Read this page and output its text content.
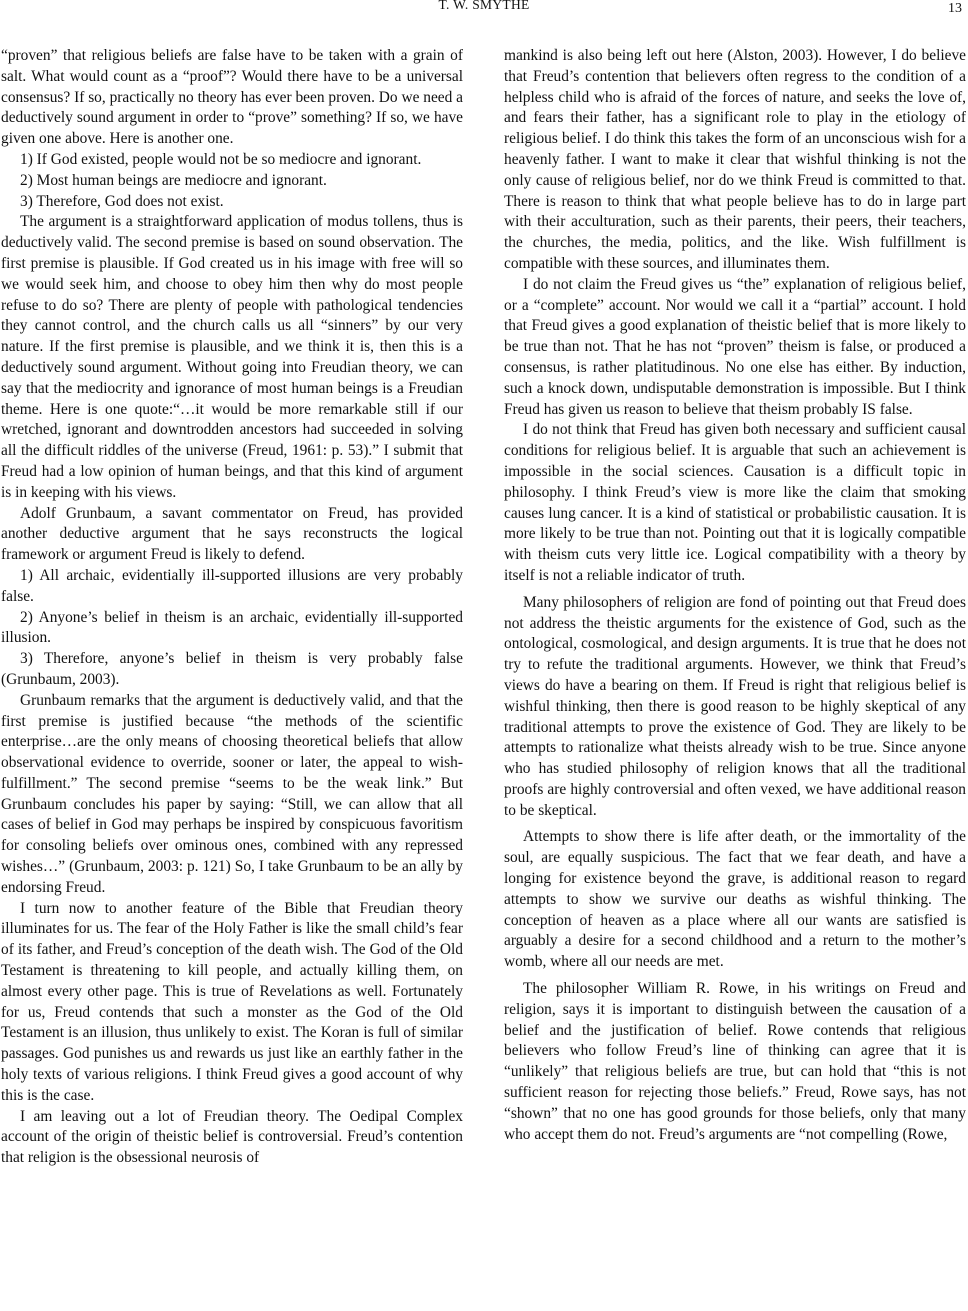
T. W. SMYTHE	13

“proven” that religious beliefs are false have to be taken with a grain of salt. What would count as a “proof”? Would there have to be a universal consensus? If so, practically no theory has ever been proven. Do we need a deductively sound argument in order to “prove” something? If so, we have given one above. Here is another one.

1) If God existed, people would not be so mediocre and ignorant.

2) Most human beings are mediocre and ignorant.

3) Therefore, God does not exist.

The argument is a straightforward application of modus tollens, thus is deductively valid. The second premise is based on sound observation. The first premise is plausible. If God created us in his image with free will so we would seek him, and choose to obey him then why do most people refuse to do so? There are plenty of people with pathological tendencies they cannot control, and the church calls us all “sinners” by our very nature. If the first premise is plausible, and we think it is, then this is a deductively sound argument. Without going into Freudian theory, we can say that the mediocrity and ignorance of most human beings is a Freudian theme. Here is one quote:“…it would be more remarkable still if our wretched, ignorant and downtrodden ancestors had succeeded in solving all the difficult riddles of the universe (Freud, 1961: p. 53).” I submit that Freud had a low opinion of human beings, and that this kind of argument is in keeping with his views.

Adolf Grunbaum, a savant commentator on Freud, has provided another deductive argument that he says reconstructs the logical framework or argument Freud is likely to defend.

1) All archaic, evidentially ill-supported illusions are very probably false.

2) Anyone’s belief in theism is an archaic, evidentially ill-supported illusion.

3) Therefore, anyone’s belief in theism is very probably false (Grunbaum, 2003).

Grunbaum remarks that the argument is deductively valid, and that the first premise is justified because “the methods of the scientific enterprise…are the only means of choosing theoretical beliefs that allow observational evidence to override, sooner or later, the appeal to wish-fulfillment.” The second premise “seems to be the weak link.” But Grunbaum concludes his paper by saying: “Still, we can allow that all cases of belief in God may perhaps be inspired by conspicuous favoritism for consoling beliefs over ominous ones, combined with any repressed wishes…” (Grunbaum, 2003: p. 121) So, I take Grunbaum to be an ally by endorsing Freud.

I turn now to another feature of the Bible that Freudian theory illuminates for us. The fear of the Holy Father is like the small child’s fear of its father, and Freud’s conception of the death wish. The God of the Old Testament is threatening to kill people, and actually killing them, on almost every other page. This is true of Revelations as well. Fortunately for us, Freud contends that such a monster as the God of the Old Testament is an illusion, thus unlikely to exist. The Koran is full of similar passages. God punishes us and rewards us just like an earthly father in the holy texts of various religions. I think Freud gives a good account of why this is the case.

I am leaving out a lot of Freudian theory. The Oedipal Complex account of the origin of theistic belief is controversial. Freud’s contention that religion is the obsessional neurosis of

mankind is also being left out here (Alston, 2003). However, I do believe that Freud’s contention that believers often regress to the condition of a helpless child who is afraid of the forces of nature, and seeks the love of, and fears their father, has a significant role to play in the etiology of religious belief. I do think this takes the form of an unconscious wish for a heavenly father. I want to make it clear that wishful thinking is not the only cause of religious belief, nor do we think Freud is committed to that. There is reason to think that what people believe has to do in large part with their acculturation, such as their parents, their peers, their teachers, the churches, the media, politics, and the like. Wish fulfillment is compatible with these sources, and illuminates them.

I do not claim the Freud gives us “the” explanation of religious belief, or a “complete” account. Nor would we call it a “partial” account. I hold that Freud gives a good explanation of theistic belief that is more likely to be true than not. That he has not “proven” theism is false, or produced a consensus, is rather platitudinous. No one else has either. By induction, such a knock down, undisputable demonstration is impossible. But I think Freud has given us reason to believe that theism probably IS false.

I do not think that Freud has given both necessary and sufficient causal conditions for religious belief. It is arguable that such an achievement is impossible in the social sciences. Causation is a difficult topic in philosophy. I think Freud’s view is more like the claim that smoking causes lung cancer. It is a kind of statistical or probabilistic causation. It is more likely to be true than not. Pointing out that it is logically compatible with theism cuts very little ice. Logical compatibility with a theory by itself is not a reliable indicator of truth.

Many philosophers of religion are fond of pointing out that Freud does not address the theistic arguments for the existence of God, such as the ontological, cosmological, and design arguments. It is true that he does not try to refute the traditional arguments. However, we think that Freud’s views do have a bearing on them. If Freud is right that religious belief is wishful thinking, then there is good reason to be highly skeptical of any traditional attempts to prove the existence of God. They are likely to be attempts to rationalize what theists already wish to be true. Since anyone who has studied philosophy of religion knows that all the traditional proofs are highly controversial and often vexed, we have additional reason to be skeptical.

Attempts to show there is life after death, or the immortality of the soul, are equally suspicious. The fact that we fear death, and have a longing for existence beyond the grave, is additional reason to regard attempts to show we survive our deaths as wishful thinking. The conception of heaven as a place where all our wants are satisfied is arguably a desire for a second childhood and a return to the mother’s womb, where all our needs are met.

The philosopher William R. Rowe, in his writings on Freud and religion, says it is important to distinguish between the causation of a belief and the justification of belief. Rowe contends that religious believers who follow Freud’s line of thinking can agree that it is “unlikely” that religious beliefs are true, but can hold that “this is not sufficient reason for rejecting those beliefs.” Freud, Rowe says, has not “shown” that no one has good grounds for those beliefs, only that many who accept them do not. Freud’s arguments are “not compelling (Rowe,
